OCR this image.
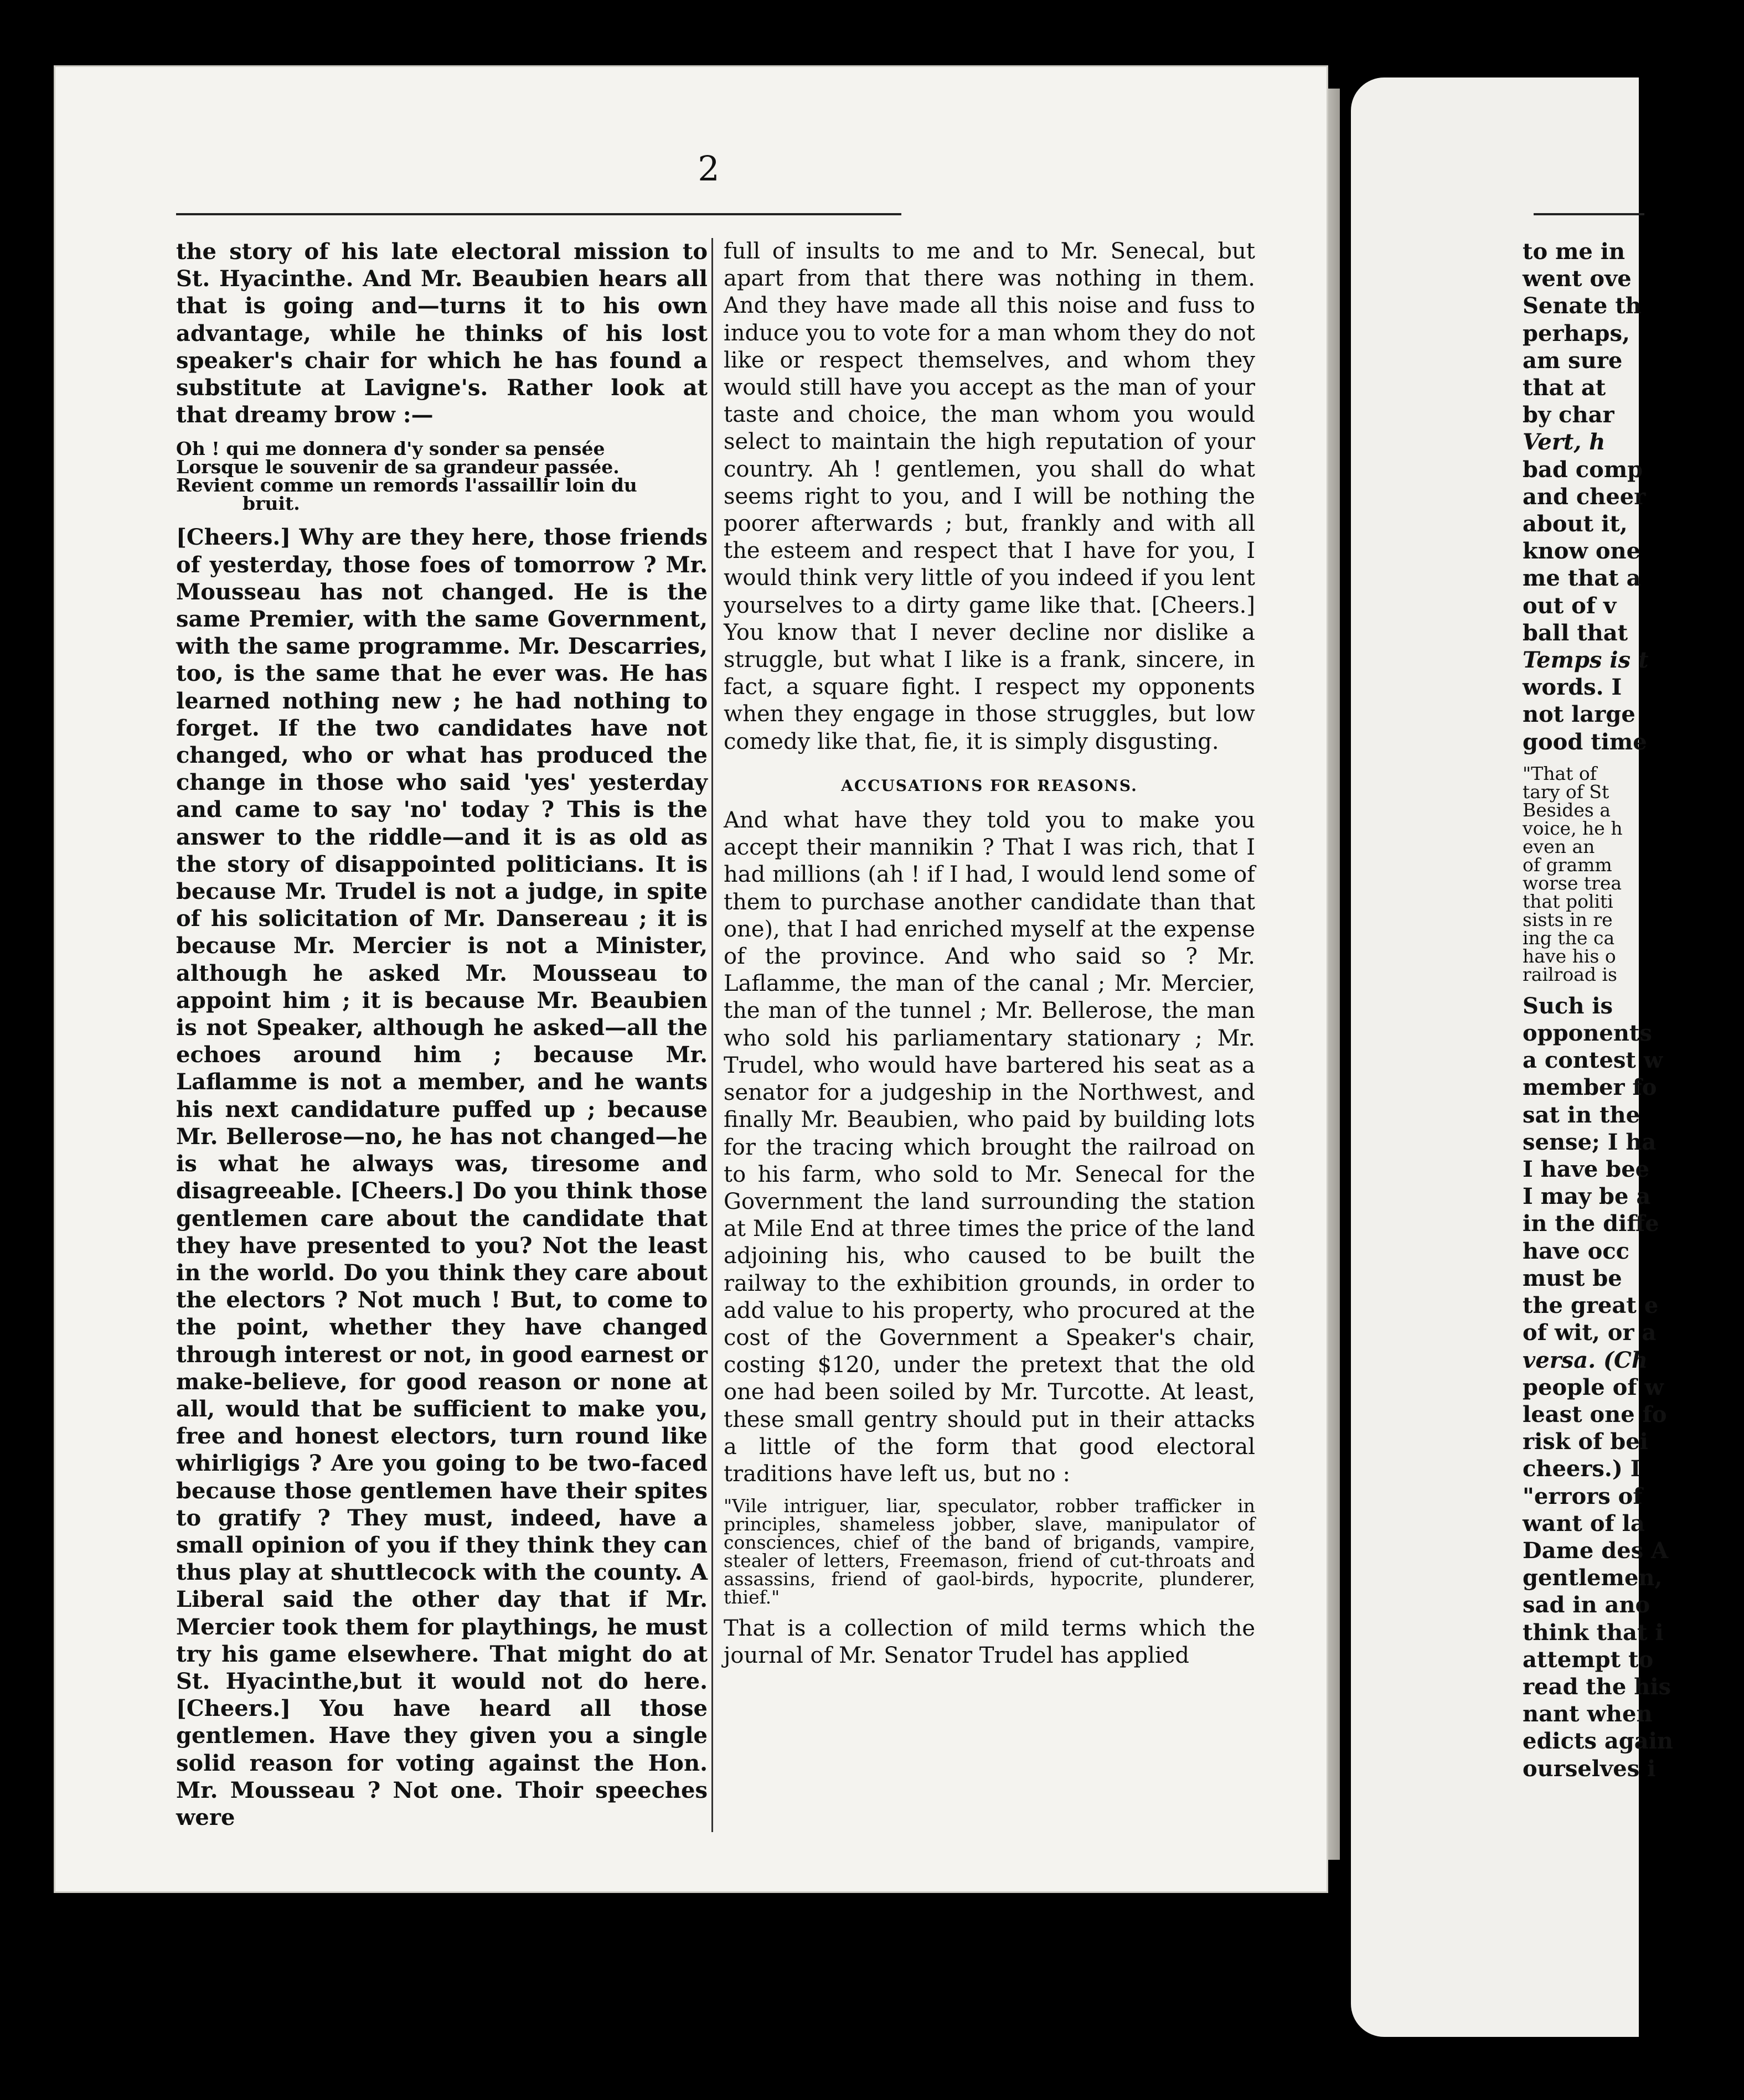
2

the story of his late electoral mission to St. Hyacinthe. And Mr. Beaubien hears all that is going and—turns it to his own advantage, while he thinks of his lost speaker's chair for which he has found a substitute at Lavigne's. Rather look at that dreamy brow :—

Oh ! qui me donnera d'y sonder sa pensée
Lorsque le souvenir de sa grandeur passée.
Revient comme un remords l'assaillir loin du
bruit.

[Cheers.] Why are they here, those friends of yesterday, those foes of tomorrow ? Mr. Mousseau has not changed. He is the same Premier, with the same Government, with the same programme. Mr. Descarries, too, is the same that he ever was. He has learned nothing new ; he had nothing to forget. If the two candidates have not changed, who or what has produced the change in those who said 'yes' yesterday and came to say 'no' today ? This is the answer to the riddle—and it is as old as the story of disappointed politicians. It is because Mr. Trudel is not a judge, in spite of his solicitation of Mr. Dansereau ; it is because Mr. Mercier is not a Minister, although he asked Mr. Mousseau to appoint him ; it is because Mr. Beaubien is not Speaker, although he asked—all the echoes around him ; because Mr. Laflamme is not a member, and he wants his next candidature puffed up ; because Mr. Bellerose—no, he has not changed—he is what he always was, tiresome and disagreeable. [Cheers.] Do you think those gentlemen care about the candidate that they have presented to you? Not the least in the world. Do you think they care about the electors ? Not much ! But, to come to the point, whether they have changed through interest or not, in good earnest or make-believe, for good reason or none at all, would that be sufficient to make you, free and honest electors, turn round like whirligigs ? Are you going to be two-faced because those gentlemen have their spites to gratify ? They must, indeed, have a small opinion of you if they think they can thus play at shuttlecock with the county. A Liberal said the other day that if Mr. Mercier took them for playthings, he must try his game elsewhere. That might do at St. Hyacinthe,but it would not do here. [Cheers.] You have heard all those gentlemen. Have they given you a single solid reason for voting against the Hon. Mr. Mousseau ? Not one. Thoir speeches were

full of insults to me and to Mr. Senecal, but apart from that there was nothing in them. And they have made all this noise and fuss to induce you to vote for a man whom they do not like or respect themselves, and whom they would still have you accept as the man of your taste and choice, the man whom you would select to maintain the high reputation of your country. Ah ! gentlemen, you shall do what seems right to you, and I will be nothing the poorer afterwards ; but, frankly and with all the esteem and respect that I have for you, I would think very little of you indeed if you lent yourselves to a dirty game like that. [Cheers.] You know that I never decline nor dislike a struggle, but what I like is a frank, sincere, in fact, a square fight. I respect my opponents when they engage in those struggles, but low comedy like that, fie, it is simply disgusting.

ACCUSATIONS FOR REASONS.

And what have they told you to make you accept their mannikin ? That I was rich, that I had millions (ah ! if I had, I would lend some of them to purchase another candidate than that one), that I had enriched myself at the expense of the province. And who said so ? Mr. Laflamme, the man of the canal ; Mr. Mercier, the man of the tunnel ; Mr. Bellerose, the man who sold his parliamentary stationary ; Mr. Trudel, who would have bartered his seat as a senator for a judgeship in the Northwest, and finally Mr. Beaubien, who paid by building lots for the tracing which brought the railroad on to his farm, who sold to Mr. Senecal for the Government the land surrounding the station at Mile End at three times the price of the land adjoining his, who caused to be built the railway to the exhibition grounds, in order to add value to his property, who procured at the cost of the Government a Speaker's chair, costing $120, under the pretext that the old one had been soiled by Mr. Turcotte. At least, these small gentry should put in their attacks a little of the form that good electoral traditions have left us, but no :

"Vile intriguer, liar, speculator, robber trafficker in principles, shameless jobber, slave, manipulator of consciences, chief of the band of brigands, vampire, stealer of letters, Freemason, friend of cut-throats and assassins, friend of gaol-birds, hypocrite, plunderer, thief."

That is a collection of mild terms which the journal of Mr. Senator Trudel has applied

to me in
went ove
Senate th
perhaps,
am sure
that at
by char
Vert, h
bad comp
and cheer
about it,
know one
me that a
out of v
ball that
Temps is t
words. I
not large
good time
"That of
tary of St
Besides a
voice, he h
even an
of gramm
worse trea
that politi
sists in re
ing the ca
have his o
railroad is
Such is
opponents
a contest w
member fo
sat in the
sense; I ha
I have bee
I may be a
in the diffe
have occ
must be
the great e
of wit, or a
versa. (Ch
people of w
least one fo
risk of bei
cheers.) I
"errors of
want of la
Dame des A
gentlemen,
sad in ano
think that i
attempt to
read the his
nant when
edicts again
ourselves i
